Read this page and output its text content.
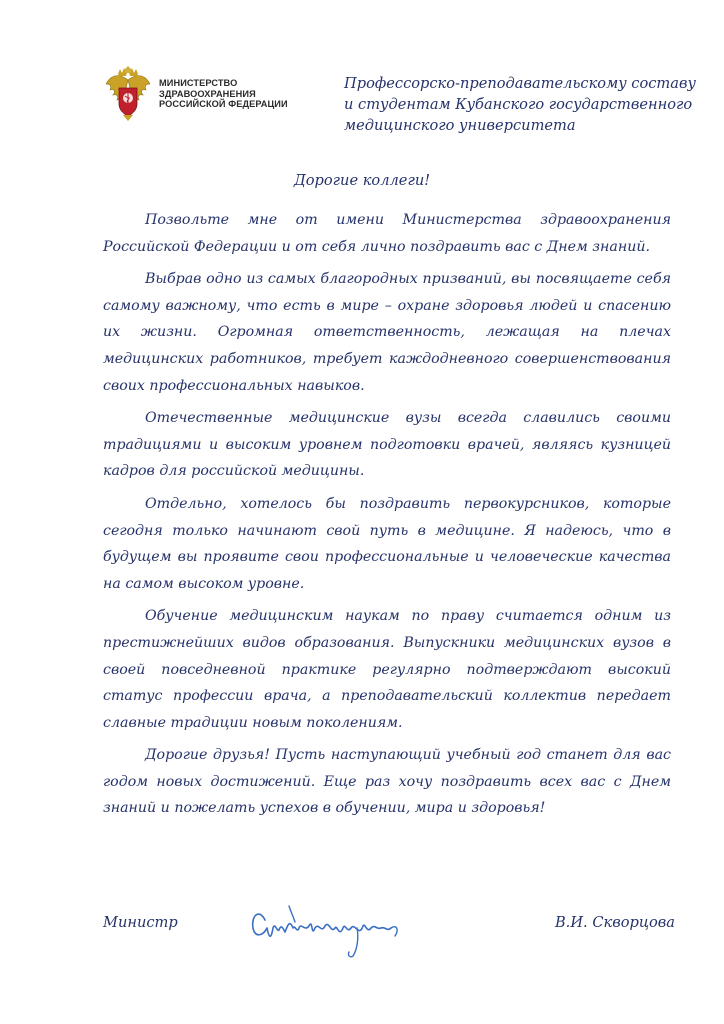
МИНИСТЕРСТВО
ЗДРАВООХРАНЕНИЯ
РОССИЙСКОЙ ФЕДЕРАЦИИ
Профессорско-преподавательскому составу
и студентам Кубанского государственного
медицинского университета
Дорогие коллеги!

Позвольте мне от имени Министерства здравоохранения Российской Федерации и от себя лично поздравить вас с Днем знаний.

Выбрав одно из самых благородных призваний, вы посвящаете себя самому важному, что есть в мире – охране здоровья людей и спасению их жизни. Огромная ответственность, лежащая на плечах медицинских работников, требует каждодневного совершенствования своих профессиональных навыков.

Отечественные медицинские вузы всегда славились своими традициями и высоким уровнем подготовки врачей, являясь кузницей кадров для российской медицины.

Отдельно, хотелось бы поздравить первокурсников, которые сегодня только начинают свой путь в медицине. Я надеюсь, что в будущем вы проявите свои профессиональные и человеческие качества на самом высоком уровне.

Обучение медицинским наукам по праву считается одним из престижнейших видов образования. Выпускники медицинских вузов в своей повседневной практике регулярно подтверждают высокий статус профессии врача, а преподавательский коллектив передает славные традиции новым поколениям.

Дорогие друзья! Пусть наступающий учебный год станет для вас годом новых достижений. Еще раз хочу поздравить всех вас с Днем знаний и пожелать успехов в обучении, мира и здоровья!

Министр	В.И. Скворцова
